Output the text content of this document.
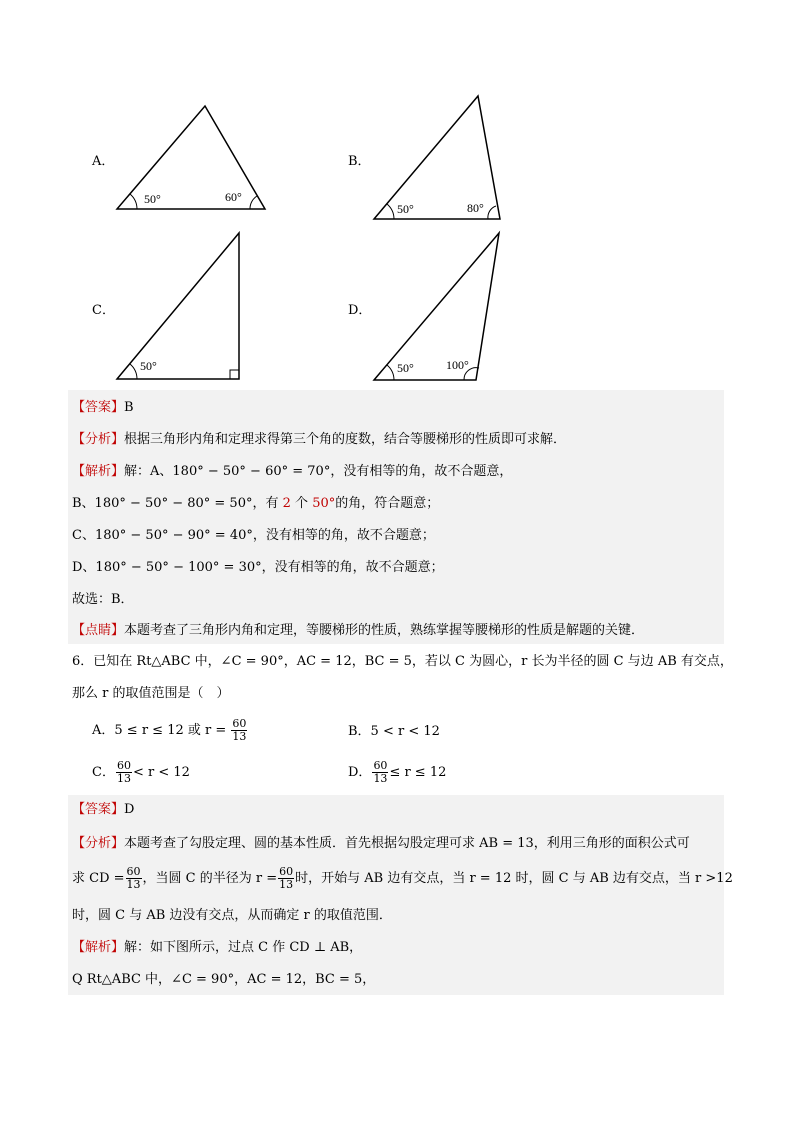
A．	B．
C．	D．
50°	60°
50°	80°
50°	50°	100°
【答案】B
【分析】根据三角形内角和定理求得第三个角的度数，结合等腰梯形的性质即可求解．
【解析】解：A、180° − 50° − 60° = 70°，没有相等的角，故不合题意，
B、180° − 50° − 80° = 50°，有 2 个 50°的角，符合题意；
C、180° − 50° − 90° = 40°，没有相等的角，故不合题意；
D、180° − 50° − 100° = 30°，没有相等的角，故不合题意；
故选：B．
【点睛】本题考查了三角形内角和定理，等腰梯形的性质，熟练掌握等腰梯形的性质是解题的关键．
6．已知在 Rt△ABC 中，∠C = 90°，AC = 12，BC = 5，若以 C 为圆心，r 长为半径的圆 C 与边 AB 有交点，
那么 r 的取值范围是（　）
A．5 ≤ r ≤ 12 或 $r = \frac{60}{13}$	B．5 < r < 12
C． $\frac{60}{13} < r < 12$	D． $\frac{60}{13} \le r \le 12$
【答案】D
【分析】本题考查了勾股定理、圆的基本性质．首先根据勾股定理可求 AB = 13，利用三角形的面积公式可
求 CD = $\frac{60}{13}$ ，当圆 C 的半径为 $r = \frac{60}{13}$ 时，开始与 AB 边有交点，当 r = 12 时，圆 C 与 AB 边有交点，当 r >12
时，圆 C 与 AB 边没有交点，从而确定 r 的取值范围．
【解析】解：如下图所示，过点 C 作 CD ⊥ AB，
Q Rt△ABC 中，∠C = 90°，AC = 12，BC = 5，
